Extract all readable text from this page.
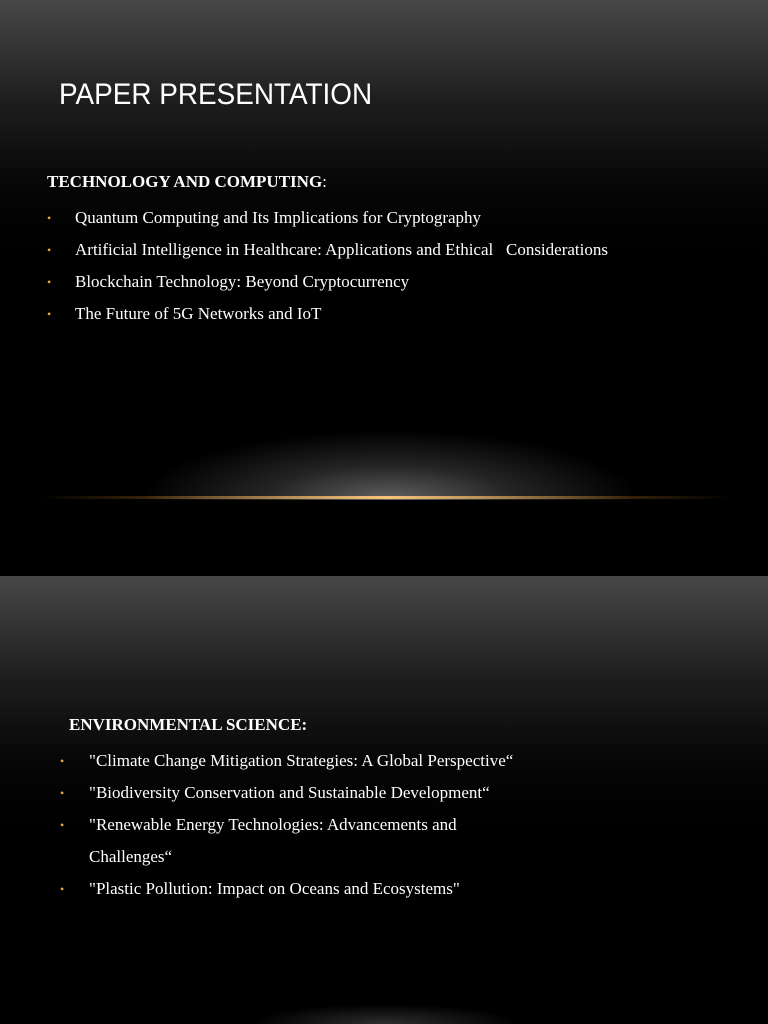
PAPER PRESENTATION
TECHNOLOGY AND COMPUTING:
• Quantum Computing and Its Implications for Cryptography
• Artificial Intelligence in Healthcare: Applications and Ethical   Considerations
• Blockchain Technology: Beyond Cryptocurrency
• The Future of 5G Networks and IoT
ENVIRONMENTAL SCIENCE:
• "Climate Change Mitigation Strategies: A Global Perspective“
• "Biodiversity Conservation and Sustainable Development“
• "Renewable Energy Technologies: Advancements and Challenges“
• "Plastic Pollution: Impact on Oceans and Ecosystems"
